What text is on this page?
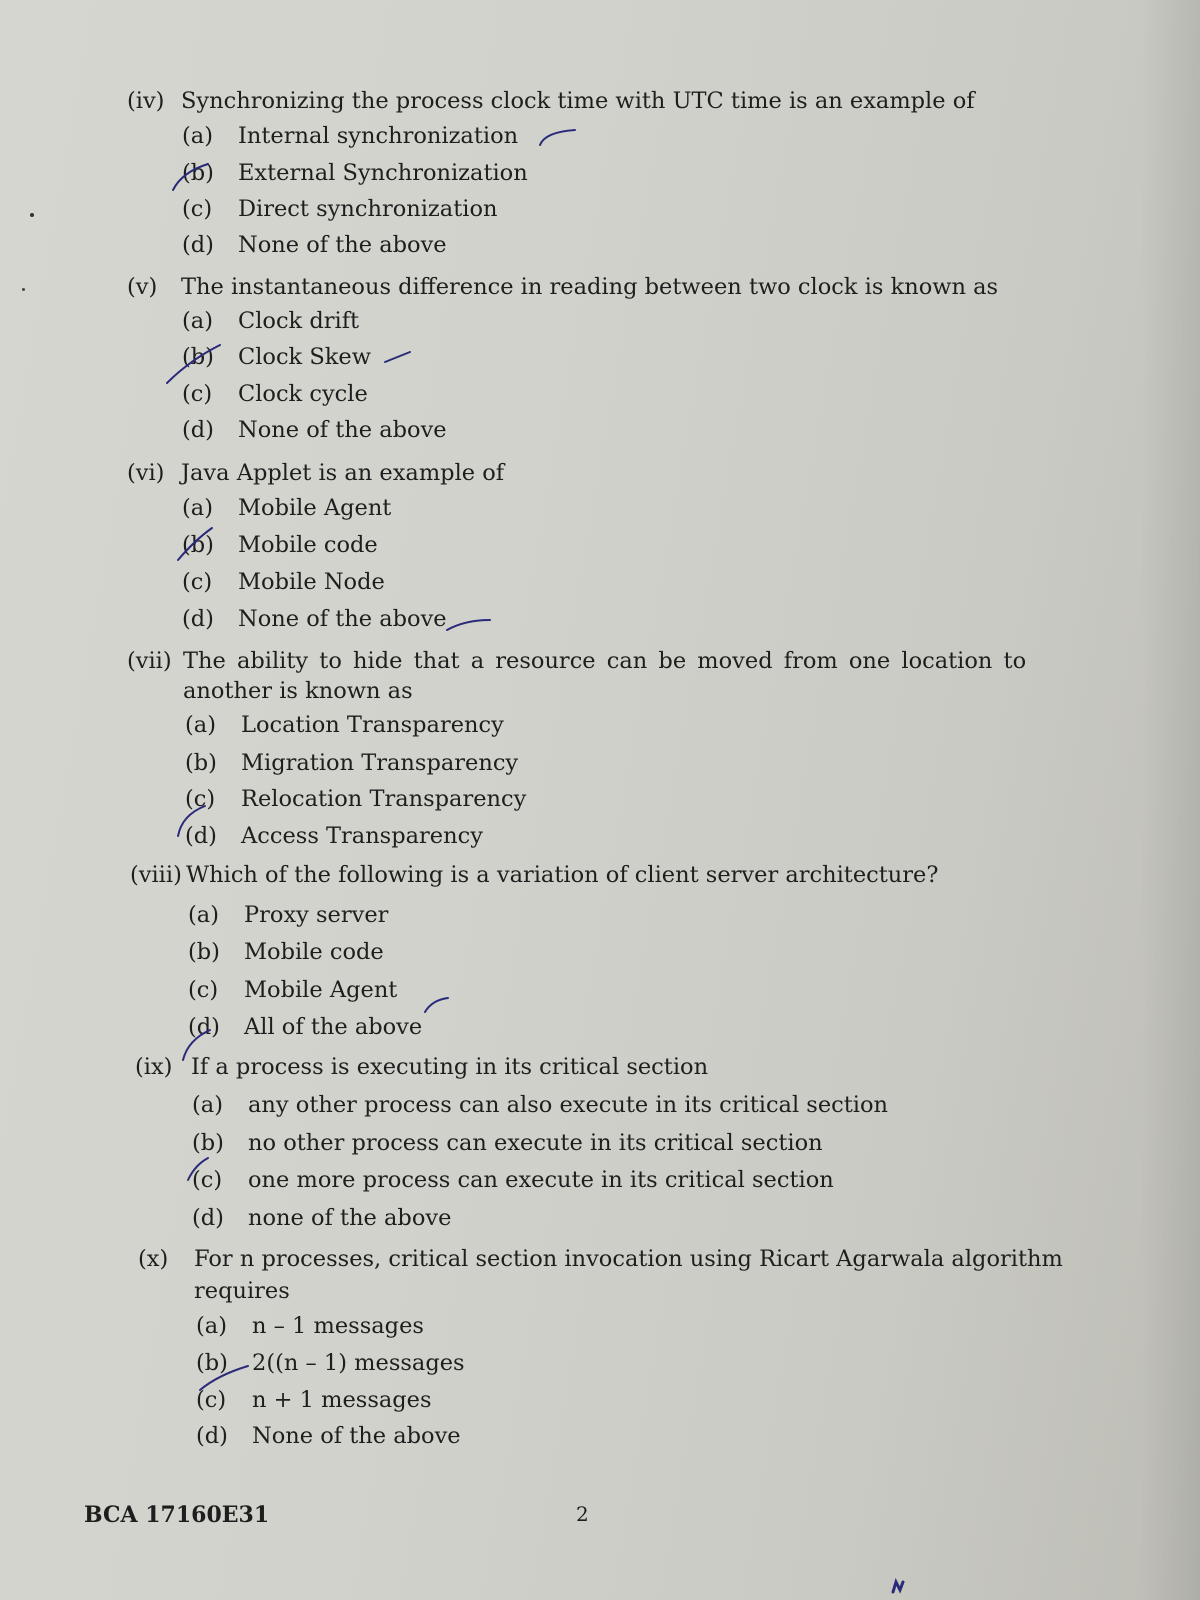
(iv) Synchronizing the process clock time with UTC time is an example of
(a) Internal synchronization
(b) External Synchronization
(c) Direct synchronization
(d) None of the above
(v) The instantaneous difference in reading between two clock is known as
(a) Clock drift
(b) Clock Skew
(c) Clock cycle
(d) None of the above
(vi) Java Applet is an example of
(a) Mobile Agent
(b) Mobile code
(c) Mobile Node
(d) None of the above
(vii) The ability to hide that a resource can be moved from one location to
another is known as
(a) Location Transparency
(b) Migration Transparency
(c) Relocation Transparency
(d) Access Transparency
(viii) Which of the following is a variation of client server architecture?
(a) Proxy server
(b) Mobile code
(c) Mobile Agent
(d) All of the above
(ix) If a process is executing in its critical section
(a) any other process can also execute in its critical section
(b) no other process can execute in its critical section
(c) one more process can execute in its critical section
(d) none of the above
(x) For n processes, critical section invocation using Ricart Agarwala algorithm
requires
(a) n – 1 messages
(b) 2((n – 1) messages
(c) n + 1 messages
(d) None of the above
BCA 17160E31	2
